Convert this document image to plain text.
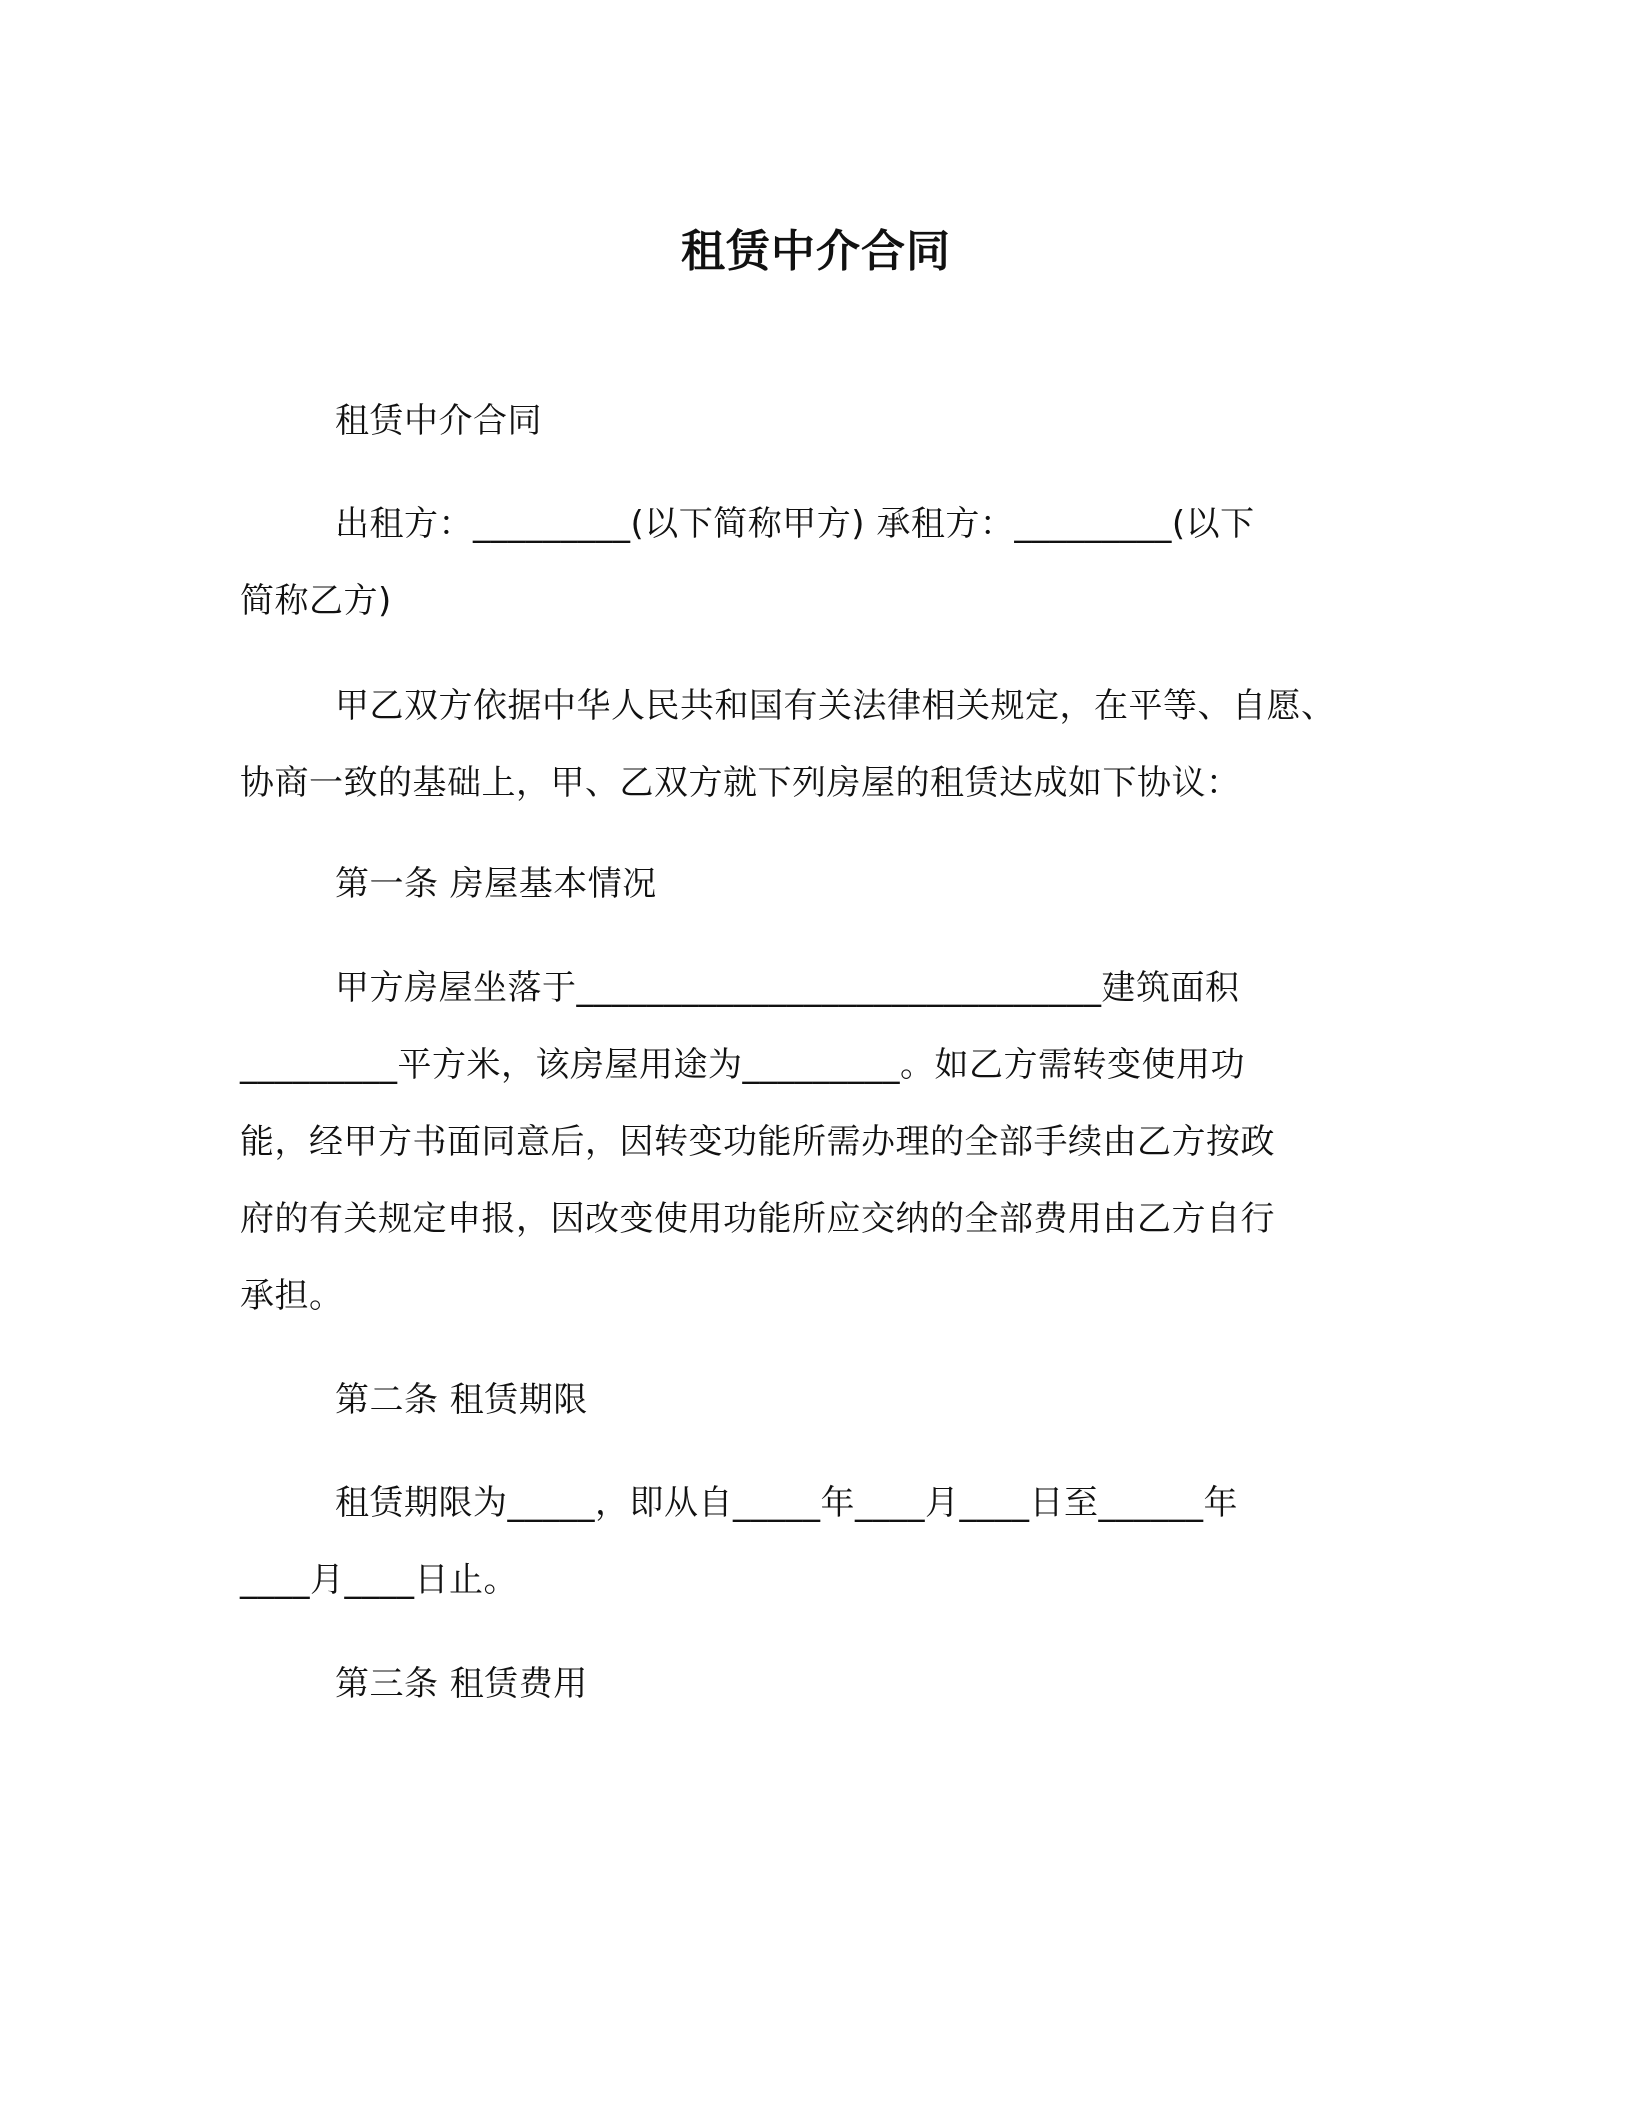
租赁中介合同

租赁中介合同

出租方：_________(以下简称甲方) 承租方：_________(以下
简称乙方)

甲乙双方依据中华人民共和国有关法律相关规定，在平等、自愿、
协商一致的基础上，甲、乙双方就下列房屋的租赁达成如下协议：

第一条 房屋基本情况

甲方房屋坐落于______________________________建筑面积
_________平方米，该房屋用途为_________。如乙方需转变使用功
能，经甲方书面同意后，因转变功能所需办理的全部手续由乙方按政
府的有关规定申报，因改变使用功能所应交纳的全部费用由乙方自行
承担。

第二条 租赁期限

租赁期限为_____，即从自_____年____月____日至______年
____月____日止。

第三条 租赁费用
